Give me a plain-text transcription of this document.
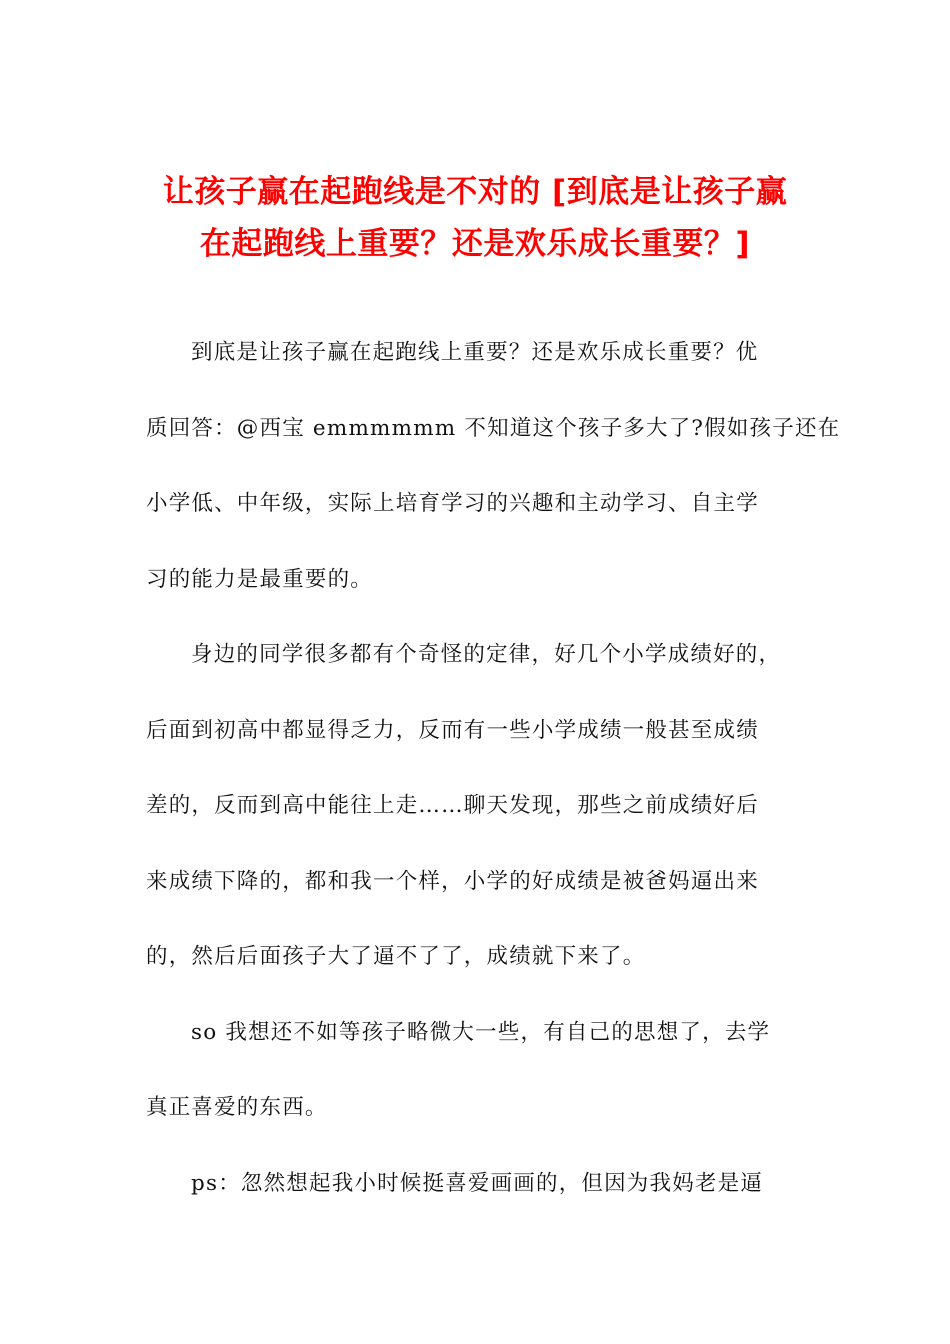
让孩子赢在起跑线是不对的 [到底是让孩子赢
在起跑线上重要？还是欢乐成长重要？]

到底是让孩子赢在起跑线上重要？还是欢乐成长重要？优
质回答：@西宝 emmmmmm 不知道这个孩子多大了?假如孩子还在
小学低、中年级，实际上培育学习的兴趣和主动学习、自主学
习的能力是最重要的。

身边的同学很多都有个奇怪的定律，好几个小学成绩好的，
后面到初高中都显得乏力，反而有一些小学成绩一般甚至成绩
差的，反而到高中能往上走……聊天发现，那些之前成绩好后
来成绩下降的，都和我一个样，小学的好成绩是被爸妈逼出来
的，然后后面孩子大了逼不了了，成绩就下来了。

so 我想还不如等孩子略微大一些，有自己的思想了，去学
真正喜爱的东西。

ps：忽然想起我小时候挺喜爱画画的，但因为我妈老是逼
